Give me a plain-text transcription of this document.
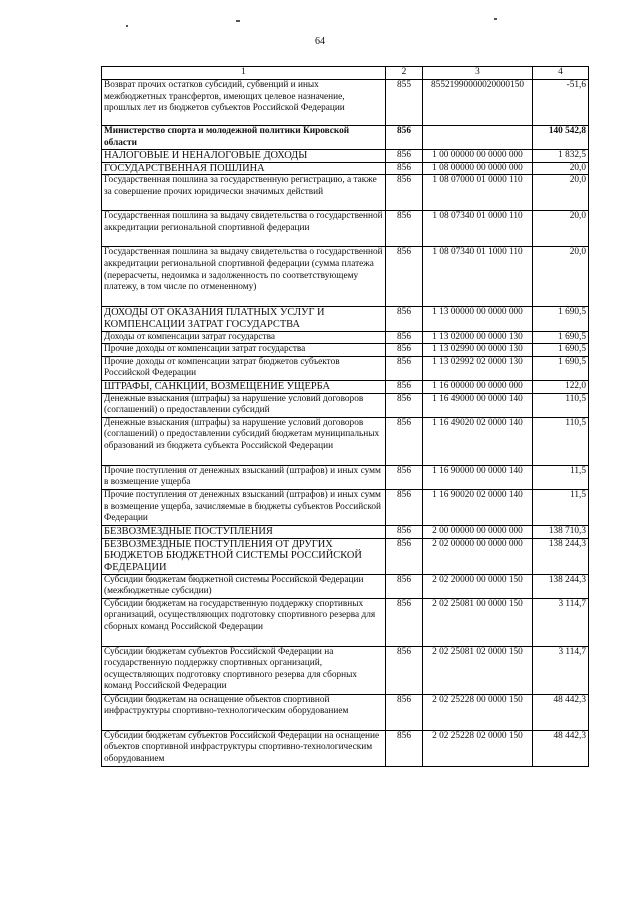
64
1	2	3	4
Возврат прочих остатков субсидий, субвенций и иных межбюджетных трансфертов, имеющих целевое назначение, прошлых лет из бюджетов субъектов Российской Федерации	855	85521990000020000150	-51,6
Министерство спорта и молодежной политики Кировской области	856		140 542,8
НАЛОГОВЫЕ И НЕНАЛОГОВЫЕ ДОХОДЫ	856	1 00 00000 00 0000 000	1 832,5
ГОСУДАРСТВЕННАЯ ПОШЛИНА	856	1 08 00000 00 0000 000	20,0
Государственная пошлина за государственную регистрацию, а также за совершение прочих юридически значимых действий	856	1 08 07000 01 0000 110	20,0
Государственная пошлина за выдачу свидетельства о государственной аккредитации региональной спортивной федерации	856	1 08 07340 01 0000 110	20,0
Государственная пошлина за выдачу свидетельства о государственной аккредитации региональной спортивной федерации (сумма платежа (перерасчеты, недоимка и задолженность по соответствующему платежу, в том числе по отмененному)	856	1 08 07340 01 1000 110	20,0
ДОХОДЫ ОТ ОКАЗАНИЯ ПЛАТНЫХ УСЛУГ И КОМПЕНСАЦИИ ЗАТРАТ ГОСУДАРСТВА	856	1 13 00000 00 0000 000	1 690,5
Доходы от компенсации затрат государства	856	1 13 02000 00 0000 130	1 690,5
Прочие доходы от компенсации затрат государства	856	1 13 02990 00 0000 130	1 690,5
Прочие доходы от компенсации затрат бюджетов субъектов Российской Федерации	856	1 13 02992 02 0000 130	1 690,5
ШТРАФЫ, САНКЦИИ, ВОЗМЕЩЕНИЕ УЩЕРБА	856	1 16 00000 00 0000 000	122,0
Денежные взыскания (штрафы) за нарушение условий договоров (соглашений) о предоставлении субсидий	856	1 16 49000 00 0000 140	110,5
Денежные взыскания (штрафы) за нарушение условий договоров (соглашений) о предоставлении субсидий бюджетам муниципальных образований из бюджета субъекта Российской Федерации	856	1 16 49020 02 0000 140	110,5
Прочие поступления от денежных взысканий (штрафов) и иных сумм в возмещение ущерба	856	1 16 90000 00 0000 140	11,5
Прочие поступления от денежных взысканий (штрафов) и иных сумм в возмещение ущерба, зачисляемые в бюджеты субъектов Российской Федерации	856	1 16 90020 02 0000 140	11,5
БЕЗВОЗМЕЗДНЫЕ ПОСТУПЛЕНИЯ	856	2 00 00000 00 0000 000	138 710,3
БЕЗВОЗМЕЗДНЫЕ ПОСТУПЛЕНИЯ ОТ ДРУГИХ БЮДЖЕТОВ БЮДЖЕТНОЙ СИСТЕМЫ РОССИЙСКОЙ ФЕДЕРАЦИИ	856	2 02 00000 00 0000 000	138 244,3
Субсидии бюджетам бюджетной системы Российской Федерации (межбюджетные субсидии)	856	2 02 20000 00 0000 150	138 244,3
Субсидии бюджетам на государственную поддержку спортивных организаций, осуществляющих подготовку спортивного резерва для сборных команд Российской Федерации	856	2 02 25081 00 0000 150	3 114,7
Субсидии бюджетам субъектов Российской Федерации на государственную поддержку спортивных организаций, осуществляющих подготовку спортивного резерва для сборных команд Российской Федерации	856	2 02 25081 02 0000 150	3 114,7
Субсидии бюджетам на оснащение объектов спортивной инфраструктуры спортивно-технологическим оборудованием	856	2 02 25228 00 0000 150	48 442,3
Субсидии бюджетам субъектов Российской Федерации на оснащение объектов спортивной инфраструктуры спортивно-технологическим оборудованием	856	2 02 25228 02 0000 150	48 442,3
